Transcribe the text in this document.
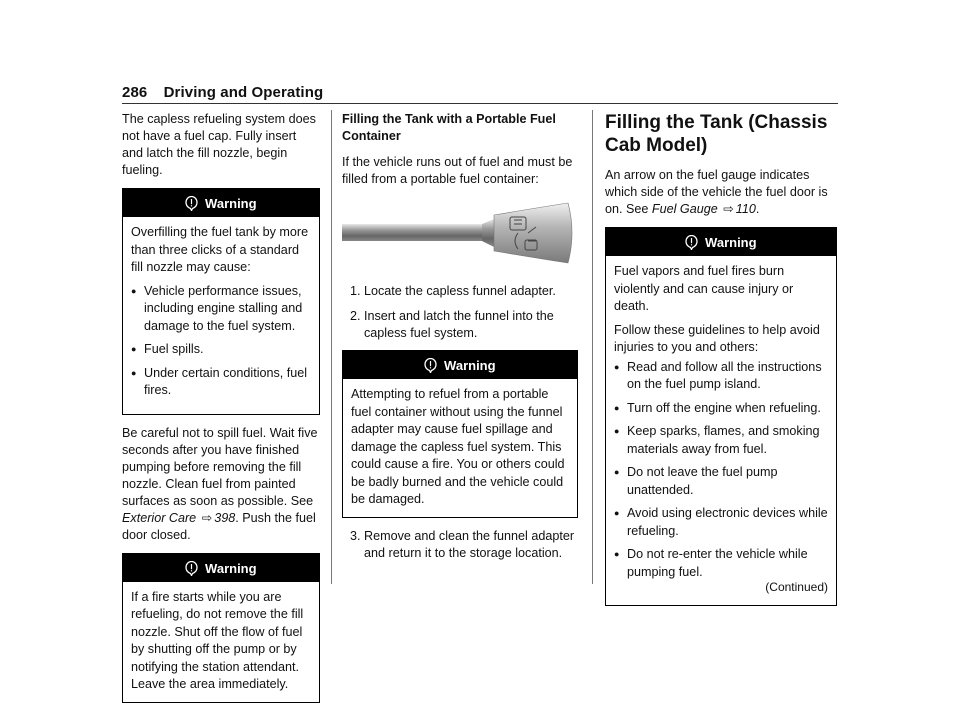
286 Driving and Operating

The capless refueling system does not have a fuel cap. Fully insert and latch the fill nozzle, begin fueling.

Warning

Overfilling the fuel tank by more than three clicks of a standard fill nozzle may cause:

● Vehicle performance issues, including engine stalling and damage to the fuel system.
● Fuel spills.
● Under certain conditions, fuel fires.

Be careful not to spill fuel. Wait five seconds after you have finished pumping before removing the fill nozzle. Clean fuel from painted surfaces as soon as possible. See Exterior Care ⇨ 398. Push the fuel door closed.

Warning

If a fire starts while you are refueling, do not remove the fill nozzle. Shut off the flow of fuel by shutting off the pump or by notifying the station attendant. Leave the area immediately.

Filling the Tank with a Portable Fuel Container

If the vehicle runs out of fuel and must be filled from a portable fuel container:

1. Locate the capless funnel adapter.
2. Insert and latch the funnel into the capless fuel system.
Warning

Attempting to refuel from a portable fuel container without using the funnel adapter may cause fuel spillage and damage the capless fuel system. This could cause a fire. You or others could be badly burned and the vehicle could be damaged.

3. Remove and clean the funnel adapter and return it to the storage location.
Filling the Tank (Chassis Cab Model)

An arrow on the fuel gauge indicates which side of the vehicle the fuel door is on. See Fuel Gauge ⇨ 110.

Warning

Fuel vapors and fuel fires burn violently and can cause injury or death.

Follow these guidelines to help avoid injuries to you and others:

● Read and follow all the instructions on the fuel pump island.
● Turn off the engine when refueling.
● Keep sparks, flames, and smoking materials away from fuel.
● Do not leave the fuel pump unattended.
● Avoid using electronic devices while refueling.
● Do not re-enter the vehicle while pumping fuel.
(Continued)
